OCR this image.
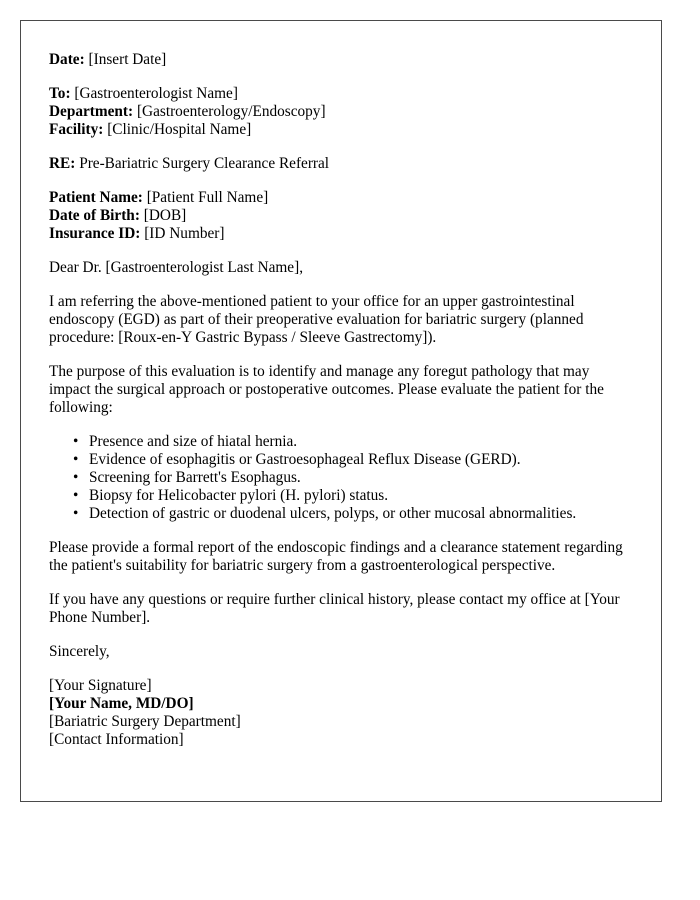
Date: [Insert Date]

To: [Gastroenterologist Name]

Department: [Gastroenterology/Endoscopy]

Facility: [Clinic/Hospital Name]

RE: Pre-Bariatric Surgery Clearance Referral

Patient Name: [Patient Full Name]

Date of Birth: [DOB]

Insurance ID: [ID Number]

Dear Dr. [Gastroenterologist Last Name],

I am referring the above-mentioned patient to your office for an upper gastrointestinal endoscopy (EGD) as part of their preoperative evaluation for bariatric surgery (planned procedure: [Roux-en-Y Gastric Bypass / Sleeve Gastrectomy]).

The purpose of this evaluation is to identify and manage any foregut pathology that may impact the surgical approach or postoperative outcomes. Please evaluate the patient for the following:

• Presence and size of hiatal hernia.
• Evidence of esophagitis or Gastroesophageal Reflux Disease (GERD).
• Screening for Barrett's Esophagus.
• Biopsy for Helicobacter pylori (H. pylori) status.
• Detection of gastric or duodenal ulcers, polyps, or other mucosal abnormalities.

Please provide a formal report of the endoscopic findings and a clearance statement regarding the patient's suitability for bariatric surgery from a gastroenterological perspective.

If you have any questions or require further clinical history, please contact my office at [Your Phone Number].

Sincerely,

[Your Signature]

[Your Name, MD/DO]

[Bariatric Surgery Department]

[Contact Information]
